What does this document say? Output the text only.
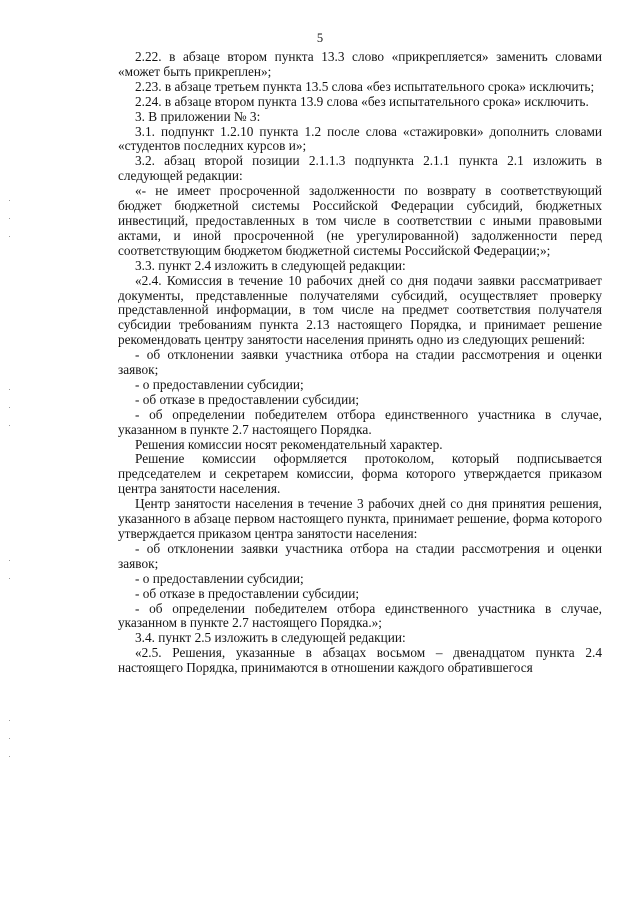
5

2.22. в абзаце втором пункта 13.3 слово «прикрепляется» заменить словами «может быть прикреплен»;

2.23. в абзаце третьем пункта 13.5 слова «без испытательного срока» исключить;

2.24. в абзаце втором пункта 13.9 слова «без испытательного срока» исключить.

3. В приложении № 3:

3.1. подпункт 1.2.10 пункта 1.2 после слова «стажировки» дополнить словами «студентов последних курсов и»;

3.2. абзац второй позиции 2.1.1.3 подпункта 2.1.1 пункта 2.1 изложить в следующей редакции:

«- не имеет просроченной задолженности по возврату в соответствующий бюджет бюджетной системы Российской Федерации субсидий, бюджетных инвестиций, предоставленных в том числе в соответствии с иными правовыми актами, и иной просроченной (не урегулированной) задолженности перед соответствующим бюджетом бюджетной системы Российской Федерации;»;

3.3. пункт 2.4 изложить в следующей редакции:

«2.4. Комиссия в течение 10 рабочих дней со дня подачи заявки рассматривает документы, представленные получателями субсидий, осуществляет проверку представленной информации, в том числе на предмет соответствия получателя субсидии требованиям пункта 2.13 настоящего Порядка, и принимает решение рекомендовать центру занятости населения принять одно из следующих решений:

- об отклонении заявки участника отбора на стадии рассмотрения и оценки заявок;

- о предоставлении субсидии;

- об отказе в предоставлении субсидии;

- об определении победителем отбора единственного участника в случае, указанном в пункте 2.7 настоящего Порядка.

Решения комиссии носят рекомендательный характер.

Решение комиссии оформляется протоколом, который подписывается председателем и секретарем комиссии, форма которого утверждается приказом центра занятости населения.

Центр занятости населения в течение 3 рабочих дней со дня принятия решения, указанного в абзаце первом настоящего пункта, принимает решение, форма которого утверждается приказом центра занятости населения:

- об отклонении заявки участника отбора на стадии рассмотрения и оценки заявок;

- о предоставлении субсидии;

- об отказе в предоставлении субсидии;

- об определении победителем отбора единственного участника в случае, указанном в пункте 2.7 настоящего Порядка.»;

3.4. пункт 2.5 изложить в следующей редакции:

«2.5. Решения, указанные в абзацах восьмом – двенадцатом пункта 2.4 настоящего Порядка, принимаются в отношении каждого обратившегося
